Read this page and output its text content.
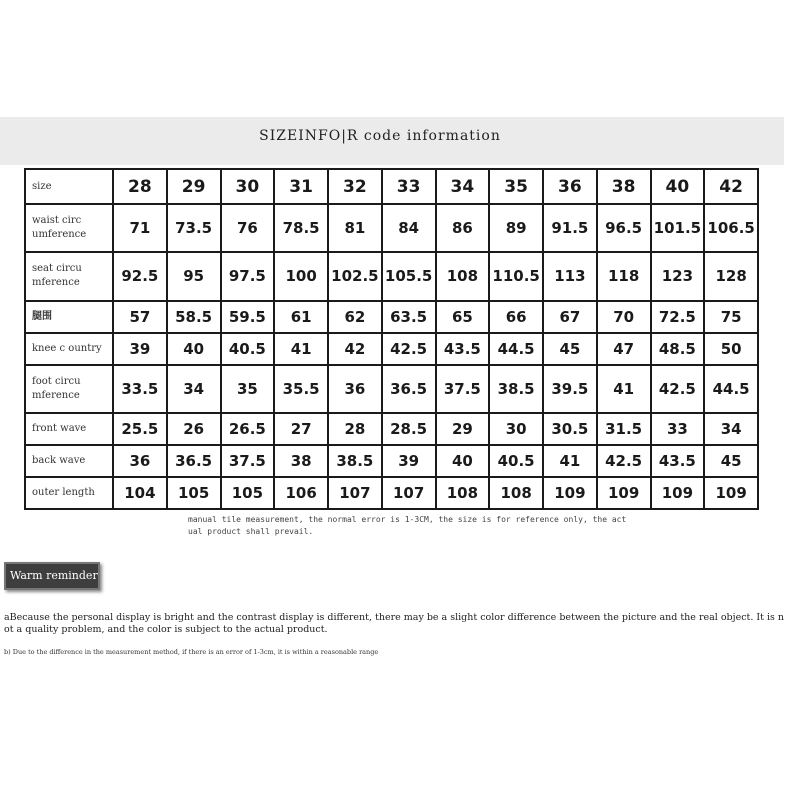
SIZEINFO|R code information
size	28	29	30	31	32	33	34	35	36	38	40	42
waist circ umference	71	73.5	76	78.5	81	84	86	89	91.5	96.5	101.5	106.5
seat circu mference	92.5	95	97.5	100	102.5	105.5	108	110.5	113	118	123	128
腿围	57	58.5	59.5	61	62	63.5	65	66	67	70	72.5	75
knee c ountry	39	40	40.5	41	42	42.5	43.5	44.5	45	47	48.5	50
foot circu mference	33.5	34	35	35.5	36	36.5	37.5	38.5	39.5	41	42.5	44.5
front wave	25.5	26	26.5	27	28	28.5	29	30	30.5	31.5	33	34
back wave	36	36.5	37.5	38	38.5	39	40	40.5	41	42.5	43.5	45
outer length	104	105	105	106	107	107	108	108	109	109	109	109
manual tile measurement, the normal error is 1-3CM, the size is for reference only, the actual product shall prevail.
Warm reminder
aBecause the personal display is bright and the contrast display is different, there may be a slight color difference between the picture and the real object. It is not a quality problem, and the color is subject to the actual product.
b) Due to the difference in the measurement method, if there is an error of 1-3cm, it is within a reasonable range
